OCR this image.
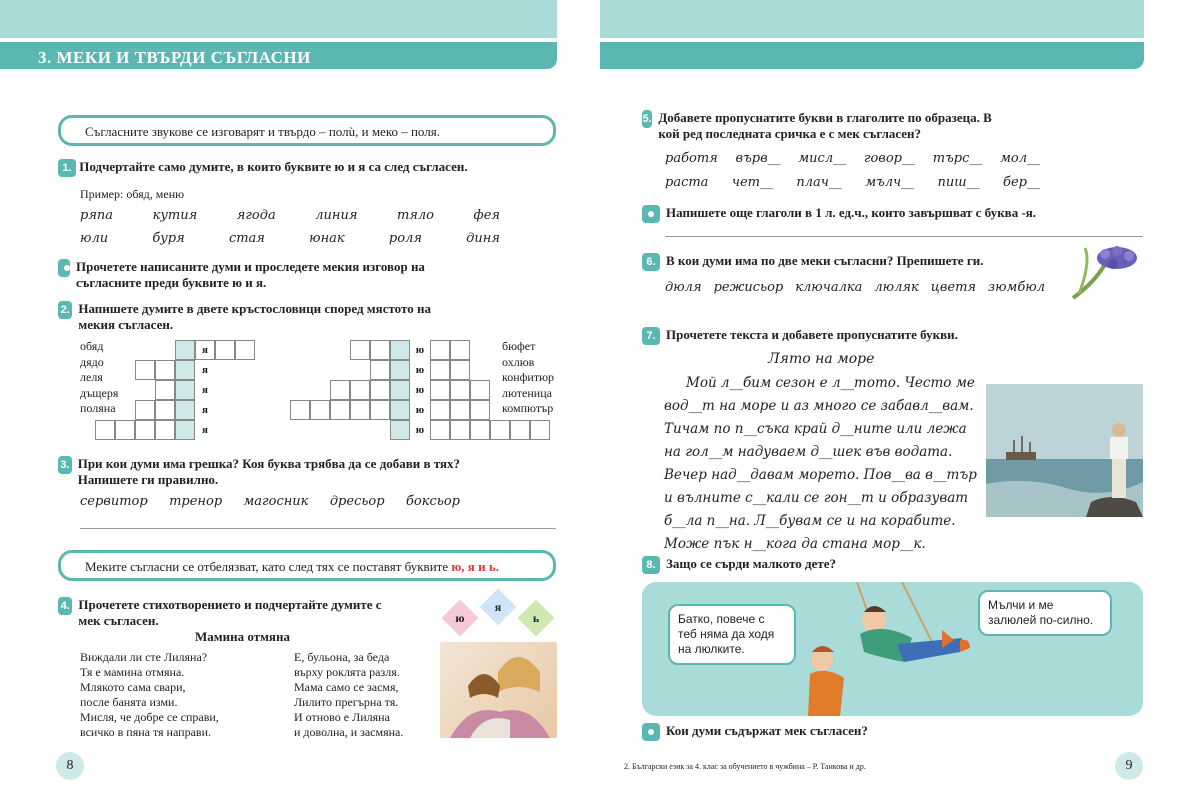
3. МЕКИ И ТВЪРДИ СЪГЛАСНИ
Съгласните звукове се изговарят и твърдо – полù, и меко – поля.
1. Подчертайте само думите, в които буквите ю и я са след съгласен.
Пример: обяд, меню
ряпа	кутия	ягода	линия	тяло	фея
юли	буря	стая	юнак	роля	диня
Прочетете написаните думи и проследете мекия изговор на съгласните преди буквите ю и я.
2. Напишете думите в двете кръстословици според мястото на мекия съгласен.
обяд
дядо
леля
дъщеря
поляна
бюфет
охлюв
конфитюр
лютеница
компютър
я
я
я
я
я
ю
ю
ю
ю
ю
3. При кои думи има грешка? Коя буква трябва да се добави в тях? Напишете ги правилно.
сервитор тренор магосник дресьор боксьор
Меките съгласни се отбелязват, като след тях се поставят буквите ю, я и ь.
4. Прочетете стихотворението и подчертайте думите с мек съгласен.	ю
я
ь
Мамина отмяна
Виждали ли сте Лиляна?
Тя е мамина отмяна.
Млякото сама свари,
после банята изми.
Мисля, че добре се справи,
всичко в пяна тя направи.
Е, бульона, за беда
върху роклята разля.
Мама само се засмя,
Лилито прегърна тя.
И отново е Лиляна
и доволна, и засмяна.
8
5. Добавете пропуснатите букви в глаголите по образеца. В кой ред последната сричка е с мек съгласен?
работя върв__ мисл__ говор__ търс__ мол__
раста чет__ плач__ мълч__ пиш__ бер__
Напишете още глаголи в 1 л. ед.ч., които завършват с буква -я.
6. В кои думи има по две меки съгласни? Препишете ги.
дюля режисьор ключалка люляк цветя зюмбюл
7. Прочетете текста и добавете пропуснатите букви.
Лято на море
Мой л__бим сезон е л__тото. Често ме
вод__т на море и аз много се забавл__вам.
Тичам по п__съка край д__ните или лежа
на гол__м надуваем д__шек във водата.
Вечер над__давам морето. Пов__ва в__тър
и вълните с__кали се гон__т и образуват
б__ла п__на. Л__бувам се и на корабите.
Може пък н__кога да стана мор__к.
8. Защо се сърди малкото дете?
Батко, повече с теб няма да ходя на люлките.
Мълчи и ме залюлей по-силно.
Кои думи съдържат мек съгласен?
2. Български език за 4. клас за обучението в чужбина – Р. Танкова и др.	9
